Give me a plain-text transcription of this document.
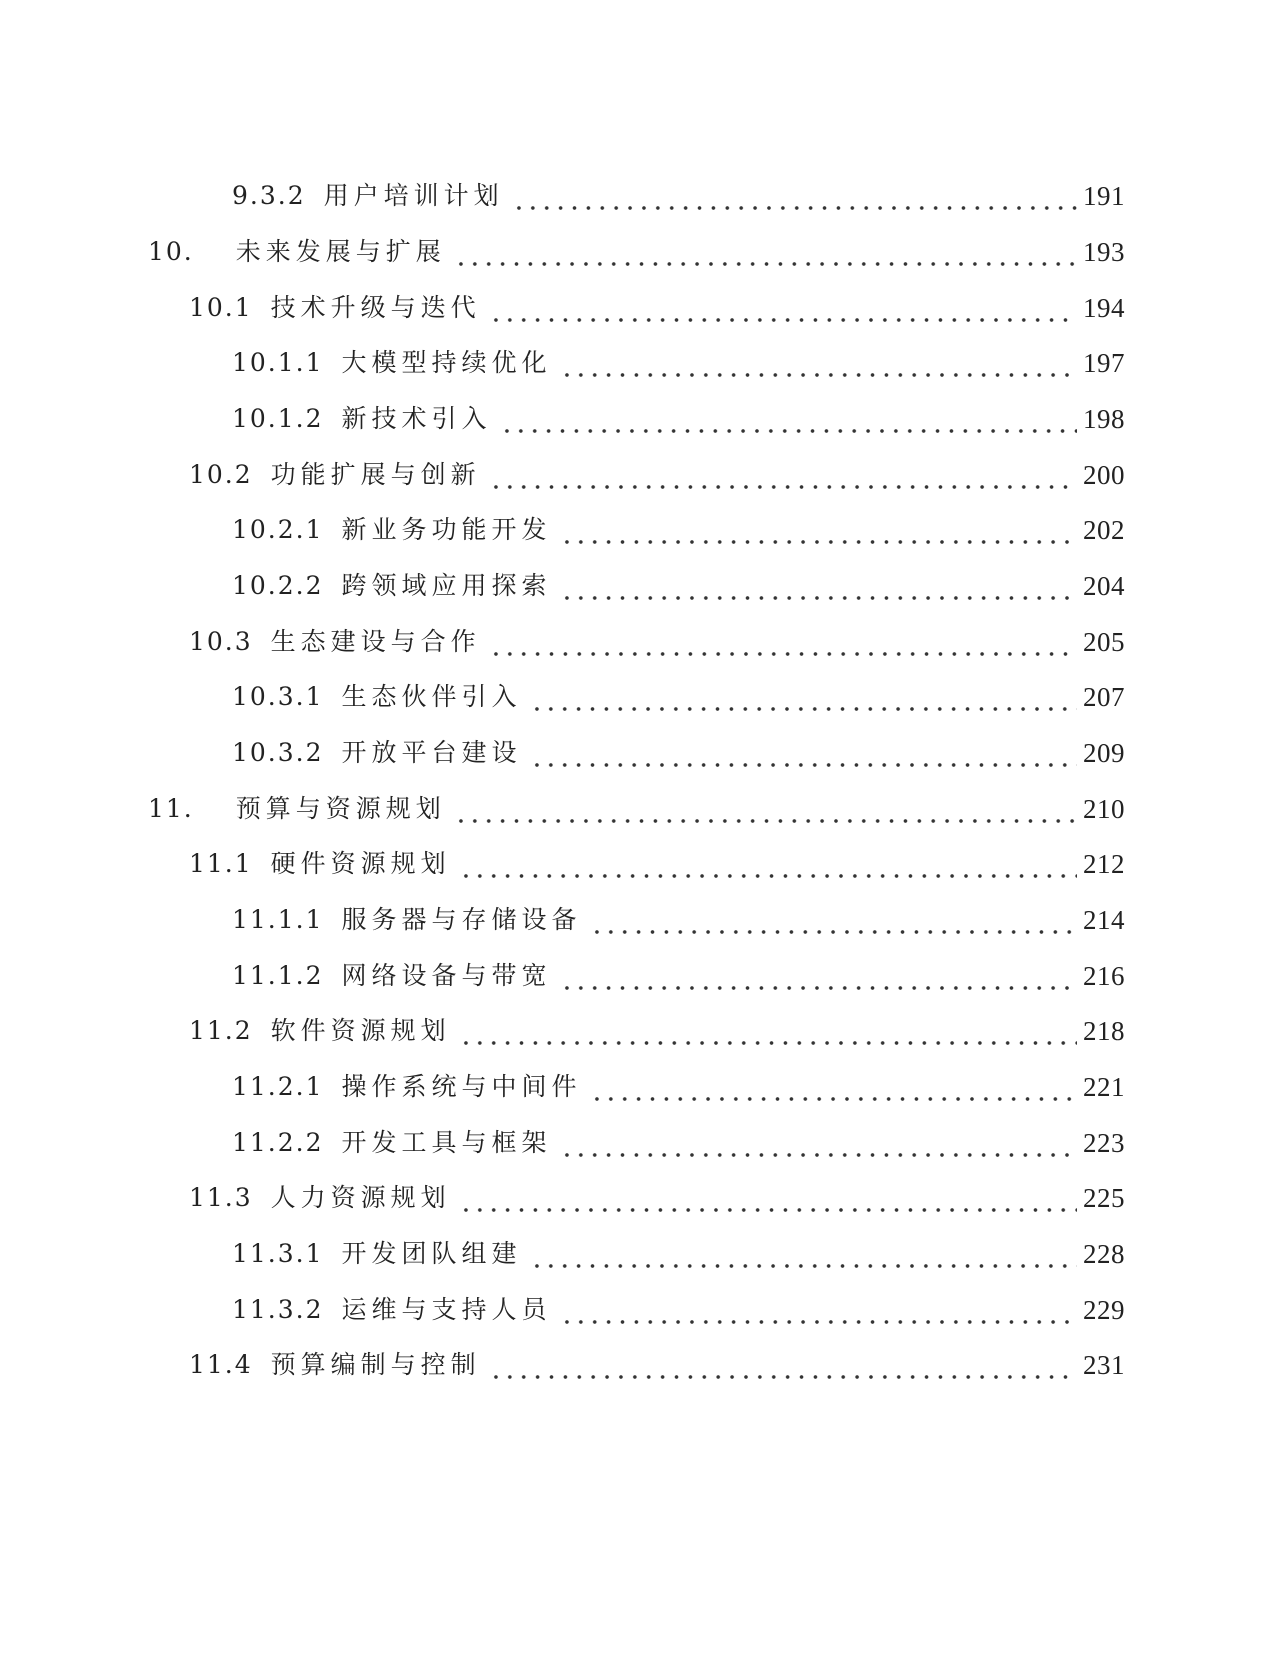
9.3.2 用户培训计划	191
10. 未来发展与扩展	193
10.1 技术升级与迭代	194
10.1.1 大模型持续优化	197
10.1.2 新技术引入	198
10.2 功能扩展与创新	200
10.2.1 新业务功能开发	202
10.2.2 跨领域应用探索	204
10.3 生态建设与合作	205
10.3.1 生态伙伴引入	207
10.3.2 开放平台建设	209
11. 预算与资源规划	210
11.1 硬件资源规划	212
11.1.1 服务器与存储设备	214
11.1.2 网络设备与带宽	216
11.2 软件资源规划	218
11.2.1 操作系统与中间件	221
11.2.2 开发工具与框架	223
11.3 人力资源规划	225
11.3.1 开发团队组建	228
11.3.2 运维与支持人员	229
11.4 预算编制与控制	231
